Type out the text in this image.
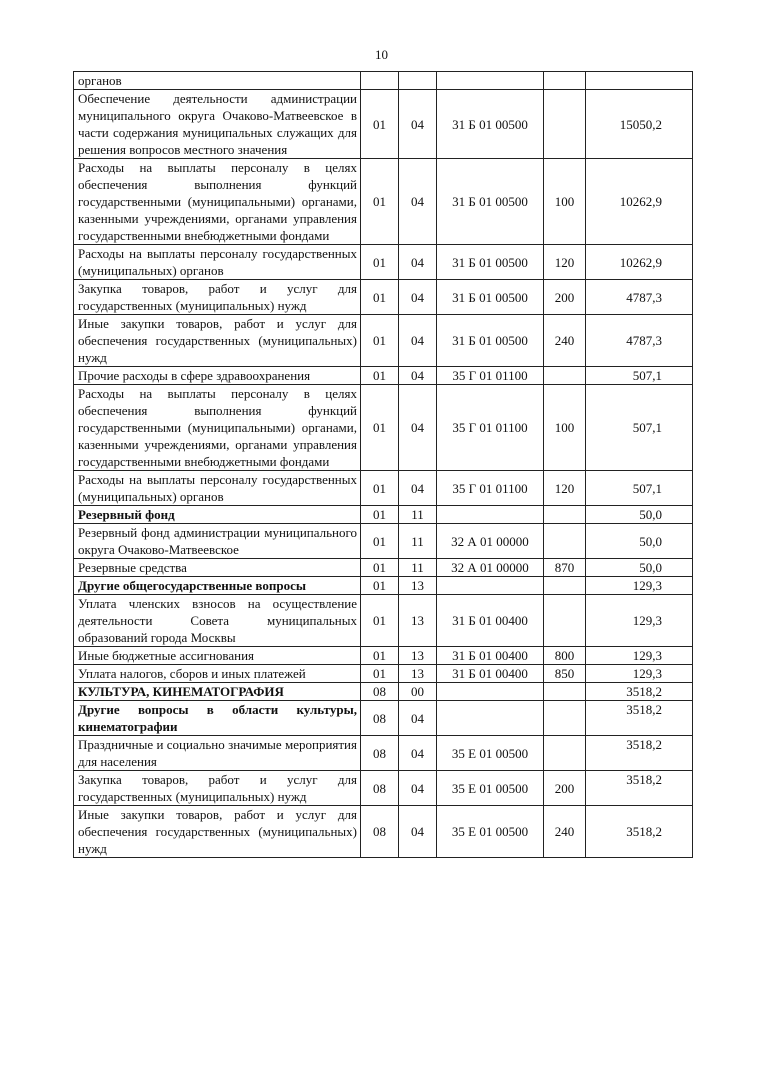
10
органов					
Обеспечение деятельности администрации муниципального округа Очаково-Матвеевское в части содержания муниципальных служащих для решения вопросов местного значения	01	04	31 Б 01 00500		15050,2
Расходы на выплаты персоналу в целях обеспечения выполнения функций государственными (муниципальными) органами, казенными учреждениями, органами управления государственными внебюджетными фондами	01	04	31 Б 01 00500	100	10262,9
Расходы на выплаты персоналу государственных (муниципальных) органов	01	04	31 Б 01 00500	120	10262,9
Закупка товаров, работ и услуг для государственных (муниципальных) нужд	01	04	31 Б 01 00500	200	4787,3
Иные закупки товаров, работ и услуг для обеспечения государственных (муниципальных) нужд	01	04	31 Б 01 00500	240	4787,3
Прочие расходы в сфере здравоохранения	01	04	35 Г 01 01100		507,1
Расходы на выплаты персоналу в целях обеспечения выполнения функций государственными (муниципальными) органами, казенными учреждениями, органами управления государственными внебюджетными фондами	01	04	35 Г 01 01100	100	507,1
Расходы на выплаты персоналу государственных (муниципальных) органов	01	04	35 Г 01 01100	120	507,1
Резервный фонд	01	11			50,0
Резервный фонд администрации муниципального округа Очаково-Матвеевское	01	11	32 А 01 00000		50,0
Резервные средства	01	11	32 А 01 00000	870	50,0
Другие общегосударственные вопросы	01	13			129,3
Уплата членских взносов на осуществление деятельности Совета муниципальных образований города Москвы	01	13	31 Б 01 00400		129,3
Иные бюджетные ассигнования	01	13	31 Б 01 00400	800	129,3
Уплата налогов, сборов и иных платежей	01	13	31 Б 01 00400	850	129,3
КУЛЬТУРА, КИНЕМАТОГРАФИЯ	08	00			3518,2
Другие вопросы в области культуры, кинематографии	08	04			3518,2
Праздничные и социально значимые мероприятия для населения	08	04	35 Е 01 00500		3518,2
Закупка товаров, работ и услуг для государственных (муниципальных) нужд	08	04	35 Е 01 00500	200	3518,2
Иные закупки товаров, работ и услуг для обеспечения государственных (муниципальных) нужд	08	04	35 Е 01 00500	240	3518,2
